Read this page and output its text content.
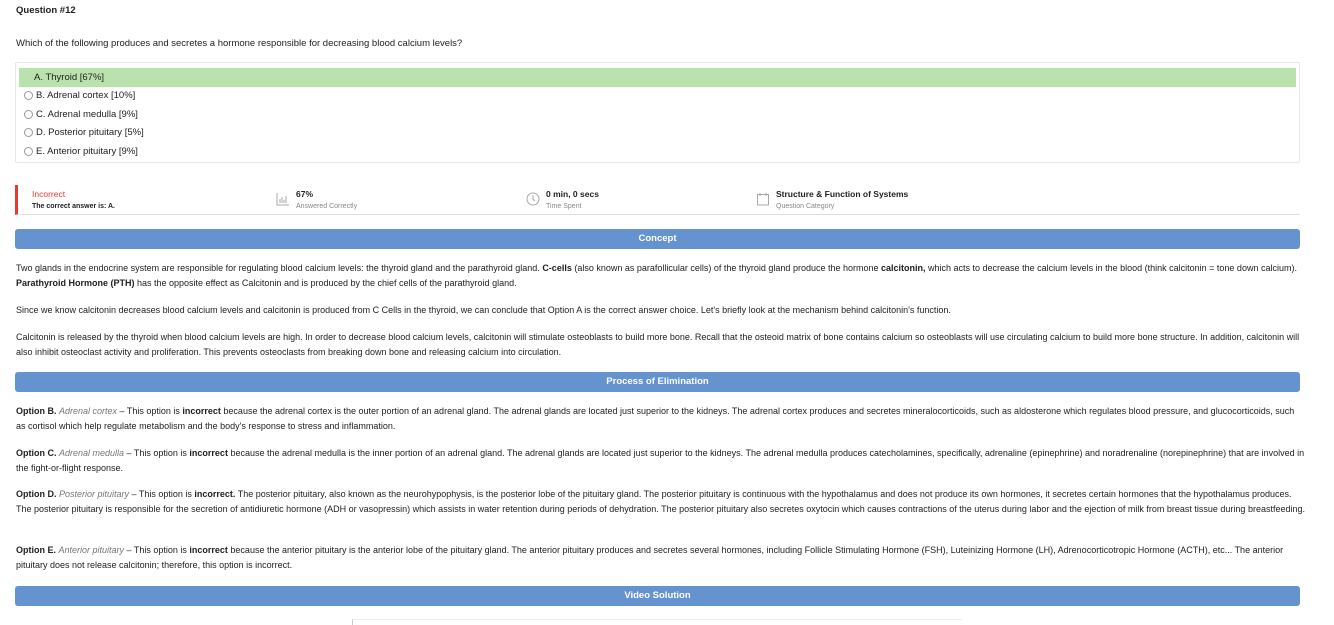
Question #12
Which of the following produces and secretes a hormone responsible for decreasing blood calcium levels?
A. Thyroid [67%]
B. Adrenal cortex [10%]
C. Adrenal medulla [9%]
D. Posterior pituitary [5%]
E. Anterior pituitary [9%]
Incorrect
The correct answer is: A.
67%
Answered Correctly
0 min, 0 secs
Time Spent
Structure & Function of Systems
Question Category
Concept
Two glands in the endocrine system are responsible for regulating blood calcium levels: the thyroid gland and the parathyroid gland. C-cells (also known as parafollicular cells) of the thyroid gland produce the hormone calcitonin, which acts to decrease the calcium levels in the blood (think calcitonin = tone down calcium). Parathyroid Hormone (PTH) has the opposite effect as Calcitonin and is produced by the chief cells of the parathyroid gland.
Since we know calcitonin decreases blood calcium levels and calcitonin is produced from C Cells in the thyroid, we can conclude that Option A is the correct answer choice. Let's briefly look at the mechanism behind calcitonin's function.
Calcitonin is released by the thyroid when blood calcium levels are high. In order to decrease blood calcium levels, calcitonin will stimulate osteoblasts to build more bone. Recall that the osteoid matrix of bone contains calcium so osteoblasts will use circulating calcium to build more bone structure. In addition, calcitonin will also inhibit osteoclast activity and proliferation. This prevents osteoclasts from breaking down bone and releasing calcium into circulation.
Process of Elimination
Option B. Adrenal cortex – This option is incorrect because the adrenal cortex is the outer portion of an adrenal gland. The adrenal glands are located just superior to the kidneys. The adrenal cortex produces and secretes mineralocorticoids, such as aldosterone which regulates blood pressure, and glucocorticoids, such as cortisol which help regulate metabolism and the body's response to stress and inflammation.
Option C. Adrenal medulla – This option is incorrect because the adrenal medulla is the inner portion of an adrenal gland. The adrenal glands are located just superior to the kidneys. The adrenal medulla produces catecholamines, specifically, adrenaline (epinephrine) and noradrenaline (norepinephrine) that are involved in the fight-or-flight response.
Option D. Posterior pituitary – This option is incorrect. The posterior pituitary, also known as the neurohypophysis, is the posterior lobe of the pituitary gland. The posterior pituitary is continuous with the hypothalamus and does not produce its own hormones, it secretes certain hormones that the hypothalamus produces. The posterior pituitary is responsible for the secretion of antidiuretic hormone (ADH or vasopressin) which assists in water retention during periods of dehydration. The posterior pituitary also secretes oxytocin which causes contractions of the uterus during labor and the ejection of milk from breast tissue during breastfeeding.
Option E. Anterior pituitary – This option is incorrect because the anterior pituitary is the anterior lobe of the pituitary gland. The anterior pituitary produces and secretes several hormones, including Follicle Stimulating Hormone (FSH), Luteinizing Hormone (LH), Adrenocorticotropic Hormone (ACTH), etc... The anterior pituitary does not release calcitonin; therefore, this option is incorrect.
Video Solution
